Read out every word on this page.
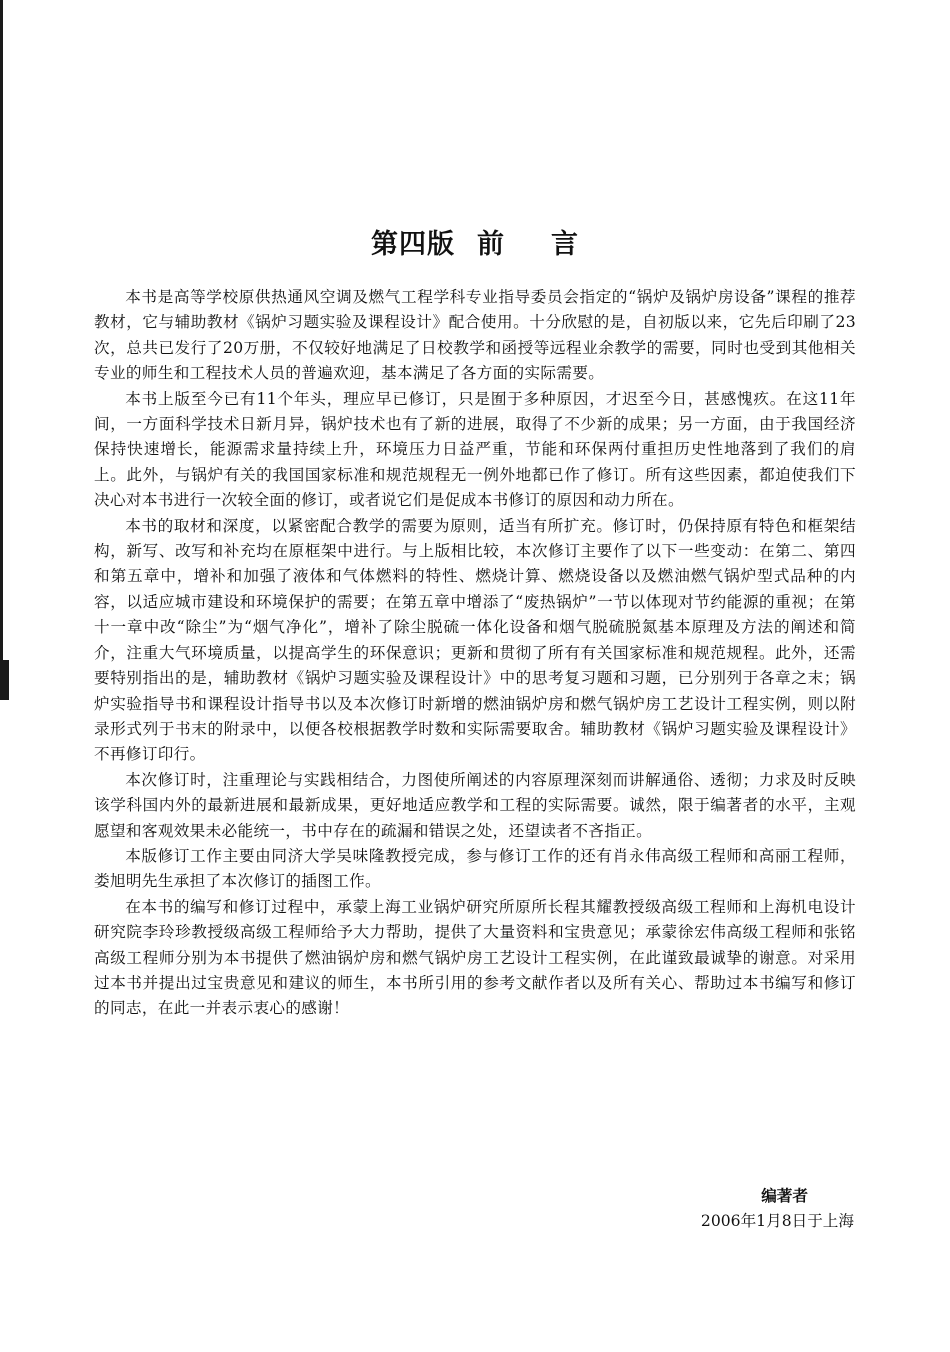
第四版 前 言

本书是高等学校原供热通风空调及燃气工程学科专业指导委员会指定的“锅炉及锅炉房设备”课程的推荐教材，它与辅助教材《锅炉习题实验及课程设计》配合使用。十分欣慰的是，自初版以来，它先后印刷了23次，总共已发行了20万册，不仅较好地满足了日校教学和函授等远程业余教学的需要，同时也受到其他相关专业的师生和工程技术人员的普遍欢迎，基本满足了各方面的实际需要。

本书上版至今已有11个年头，理应早已修订，只是囿于多种原因，才迟至今日，甚感愧疚。在这11年间，一方面科学技术日新月异，锅炉技术也有了新的进展，取得了不少新的成果；另一方面，由于我国经济保持快速增长，能源需求量持续上升，环境压力日益严重，节能和环保两付重担历史性地落到了我们的肩上。此外，与锅炉有关的我国国家标准和规范规程无一例外地都已作了修订。所有这些因素，都迫使我们下决心对本书进行一次较全面的修订，或者说它们是促成本书修订的原因和动力所在。

本书的取材和深度，以紧密配合教学的需要为原则，适当有所扩充。修订时，仍保持原有特色和框架结构，新写、改写和补充均在原框架中进行。与上版相比较，本次修订主要作了以下一些变动：在第二、第四和第五章中，增补和加强了液体和气体燃料的特性、燃烧计算、燃烧设备以及燃油燃气锅炉型式品种的内容，以适应城市建设和环境保护的需要；在第五章中增添了“废热锅炉”一节以体现对节约能源的重视；在第十一章中改“除尘”为“烟气净化”，增补了除尘脱硫一体化设备和烟气脱硫脱氮基本原理及方法的阐述和简介，注重大气环境质量，以提高学生的环保意识；更新和贯彻了所有有关国家标准和规范规程。此外，还需要特别指出的是，辅助教材《锅炉习题实验及课程设计》中的思考复习题和习题，已分别列于各章之末；锅炉实验指导书和课程设计指导书以及本次修订时新增的燃油锅炉房和燃气锅炉房工艺设计工程实例，则以附录形式列于书末的附录中，以便各校根据教学时数和实际需要取舍。辅助教材《锅炉习题实验及课程设计》不再修订印行。

本次修订时，注重理论与实践相结合，力图使所阐述的内容原理深刻而讲解通俗、透彻；力求及时反映该学科国内外的最新进展和最新成果，更好地适应教学和工程的实际需要。诚然，限于编著者的水平，主观愿望和客观效果未必能统一，书中存在的疏漏和错误之处，还望读者不吝指正。

本版修订工作主要由同济大学吴味隆教授完成，参与修订工作的还有肖永伟高级工程师和高丽工程师，娄旭明先生承担了本次修订的插图工作。

在本书的编写和修订过程中，承蒙上海工业锅炉研究所原所长程其耀教授级高级工程师和上海机电设计研究院李玲珍教授级高级工程师给予大力帮助，提供了大量资料和宝贵意见；承蒙徐宏伟高级工程师和张铭高级工程师分别为本书提供了燃油锅炉房和燃气锅炉房工艺设计工程实例，在此谨致最诚挚的谢意。对采用过本书并提出过宝贵意见和建议的师生，本书所引用的参考文献作者以及所有关心、帮助过本书编写和修订的同志，在此一并表示衷心的感谢！

编著者
2006年1月8日于上海
